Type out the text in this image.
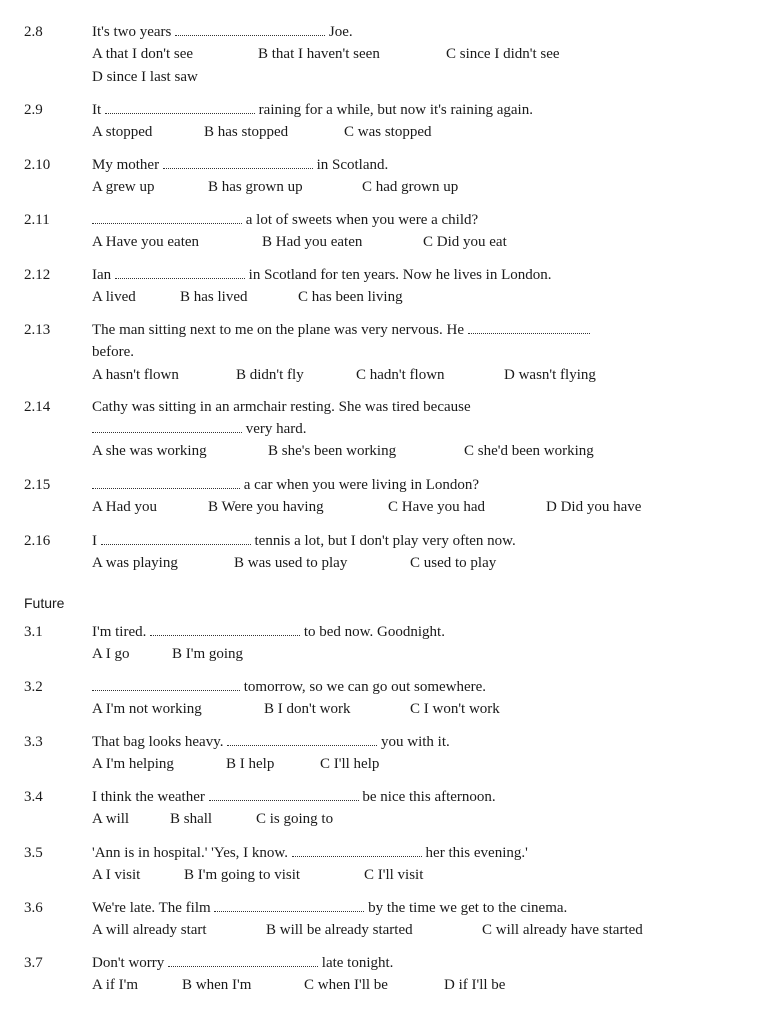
2.8	It's two years	Joe.
A that I don't see	B that I haven't seen	C since I didn't see
D since I last saw
2.9	It	raining for a while, but now it's raining again.
A stopped	B has stopped	C was stopped
2.10	My mother	in Scotland.
A grew up	B has grown up	C had grown up
2.11	a lot of sweets when you were a child?
A Have you eaten	B Had you eaten	C Did you eat
2.12	Ian	in Scotland for ten years. Now he lives in London.
A lived	B has lived	C has been living
2.13	The man sitting next to me on the plane was very nervous. He
before.
A hasn't flown	B didn't fly	C hadn't flown	D wasn't flying
2.14	Cathy was sitting in an armchair resting. She was tired because
very hard.
A she was working	B she's been working	C she'd been working
2.15	a car when you were living in London?
A Had you	B Were you having	C Have you had	D Did you have
2.16	I	tennis a lot, but I don't play very often now.
A was playing	B was used to play	C used to play
Future
3.1	I'm tired.	to bed now. Goodnight.
A I go	B I'm going
3.2	tomorrow, so we can go out somewhere.
A I'm not working	B I don't work	C I won't work
3.3	That bag looks heavy.	you with it.
A I'm helping	B I help	C I'll help
3.4	I think the weather	be nice this afternoon.
A will	B shall	C is going to
3.5	'Ann is in hospital.' 'Yes, I know.	her this evening.'
A I visit	B I'm going to visit	C I'll visit
3.6	We're late. The film	by the time we get to the cinema.
A will already start	B will be already started	C will already have started
3.7	Don't worry	late tonight.
A if I'm	B when I'm	C when I'll be	D if I'll be
